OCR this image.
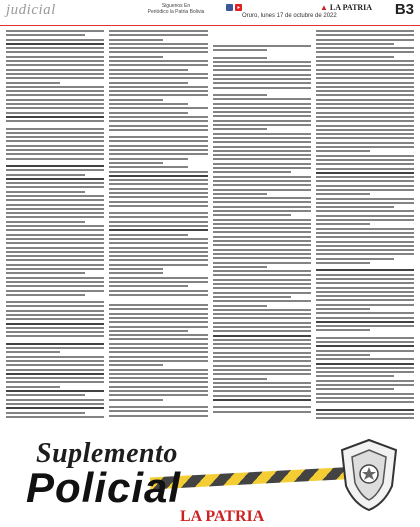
judicial	Siguenos En
Periódico la Patria Bolivia
Oruro, lunes 17 de octubre de 2022
▲ LA PATRIA B3
Suplemento
Policial
LA PATRIA
